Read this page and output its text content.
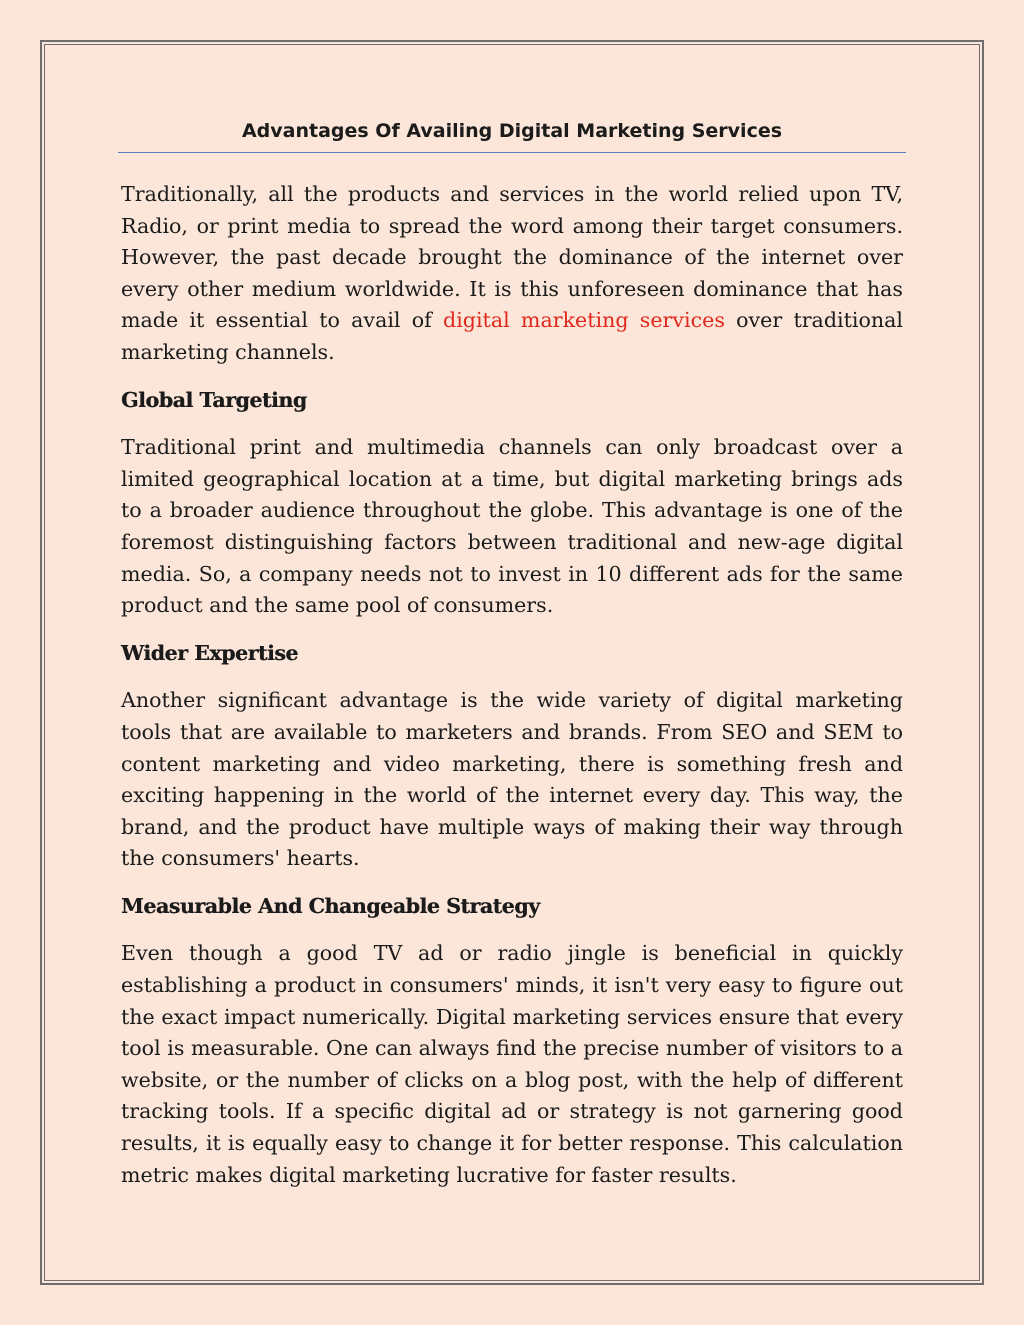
Advantages Of Availing Digital Marketing Services

Traditionally, all the products and services in the world relied upon TV, Radio, or print media to spread the word among their target consumers. However, the past decade brought the dominance of the internet over every other medium worldwide. It is this unforeseen dominance that has made it essential to avail of digital marketing services over traditional marketing channels.

Global Targeting

Traditional print and multimedia channels can only broadcast over a limited geographical location at a time, but digital marketing brings ads to a broader audience throughout the globe. This advantage is one of the foremost distinguishing factors between traditional and new-age digital media. So, a company needs not to invest in 10 different ads for the same product and the same pool of consumers.

Wider Expertise

Another significant advantage is the wide variety of digital marketing tools that are available to marketers and brands. From SEO and SEM to content marketing and video marketing, there is something fresh and exciting happening in the world of the internet every day. This way, the brand, and the product have multiple ways of making their way through the consumers' hearts.

Measurable And Changeable Strategy

Even though a good TV ad or radio jingle is beneficial in quickly establishing a product in consumers' minds, it isn't very easy to figure out the exact impact numerically. Digital marketing services ensure that every tool is measurable. One can always find the precise number of visitors to a website, or the number of clicks on a blog post, with the help of different tracking tools. If a specific digital ad or strategy is not garnering good results, it is equally easy to change it for better response. This calculation metric makes digital marketing lucrative for faster results.
